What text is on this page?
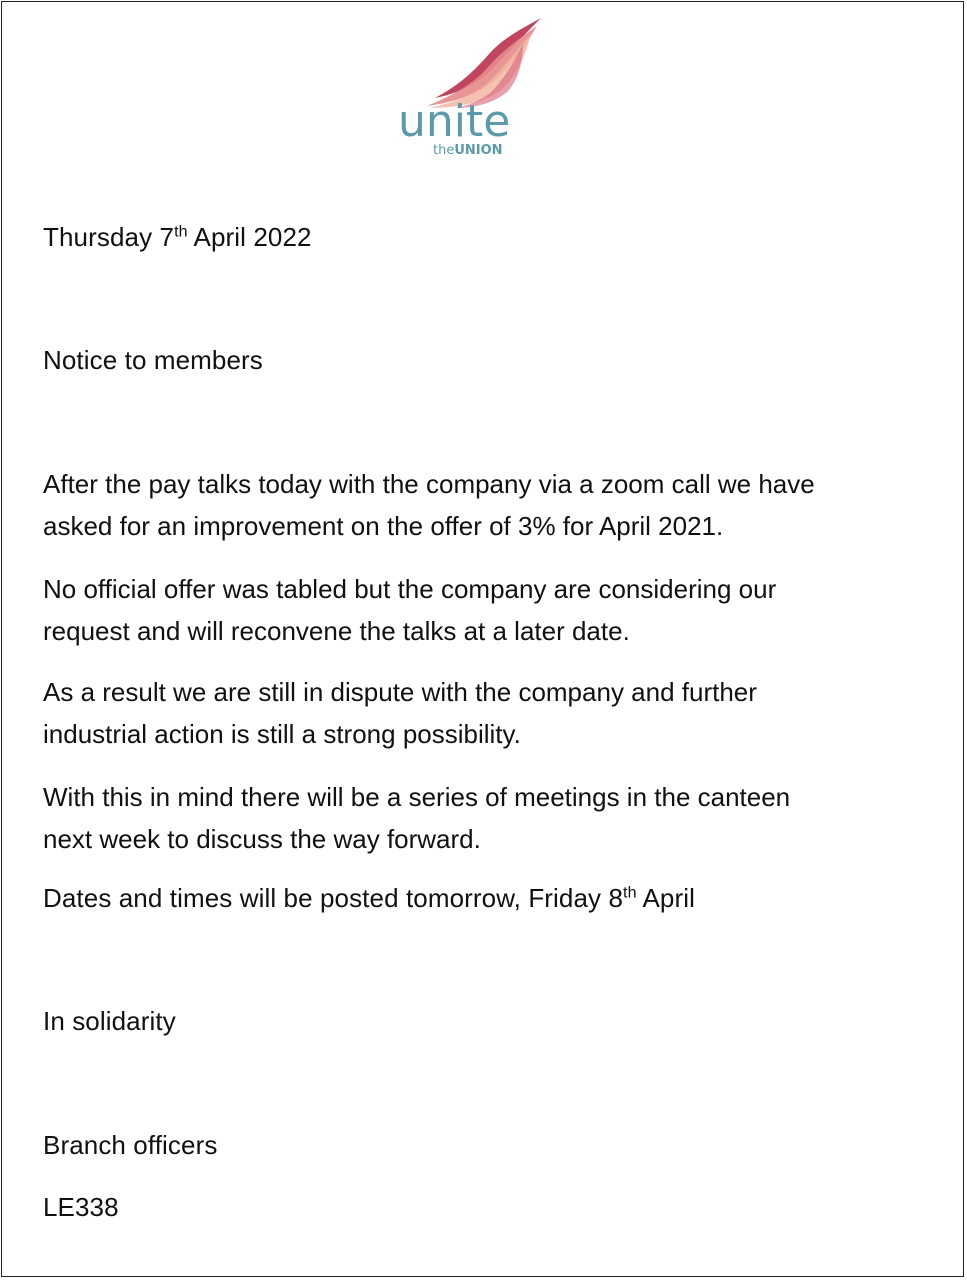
unite
theUNION

Thursday 7th April 2022

Notice to members

After the pay talks today with the company via a zoom call we have
asked for an improvement on the offer of 3% for April 2021.
No official offer was tabled but the company are considering our
request and will reconvene the talks at a later date.
As a result we are still in dispute with the company and further
industrial action is still a strong possibility.
With this in mind there will be a series of meetings in the canteen
next week to discuss the way forward.

Dates and times will be posted tomorrow, Friday 8th April

In solidarity

Branch officers

LE338
